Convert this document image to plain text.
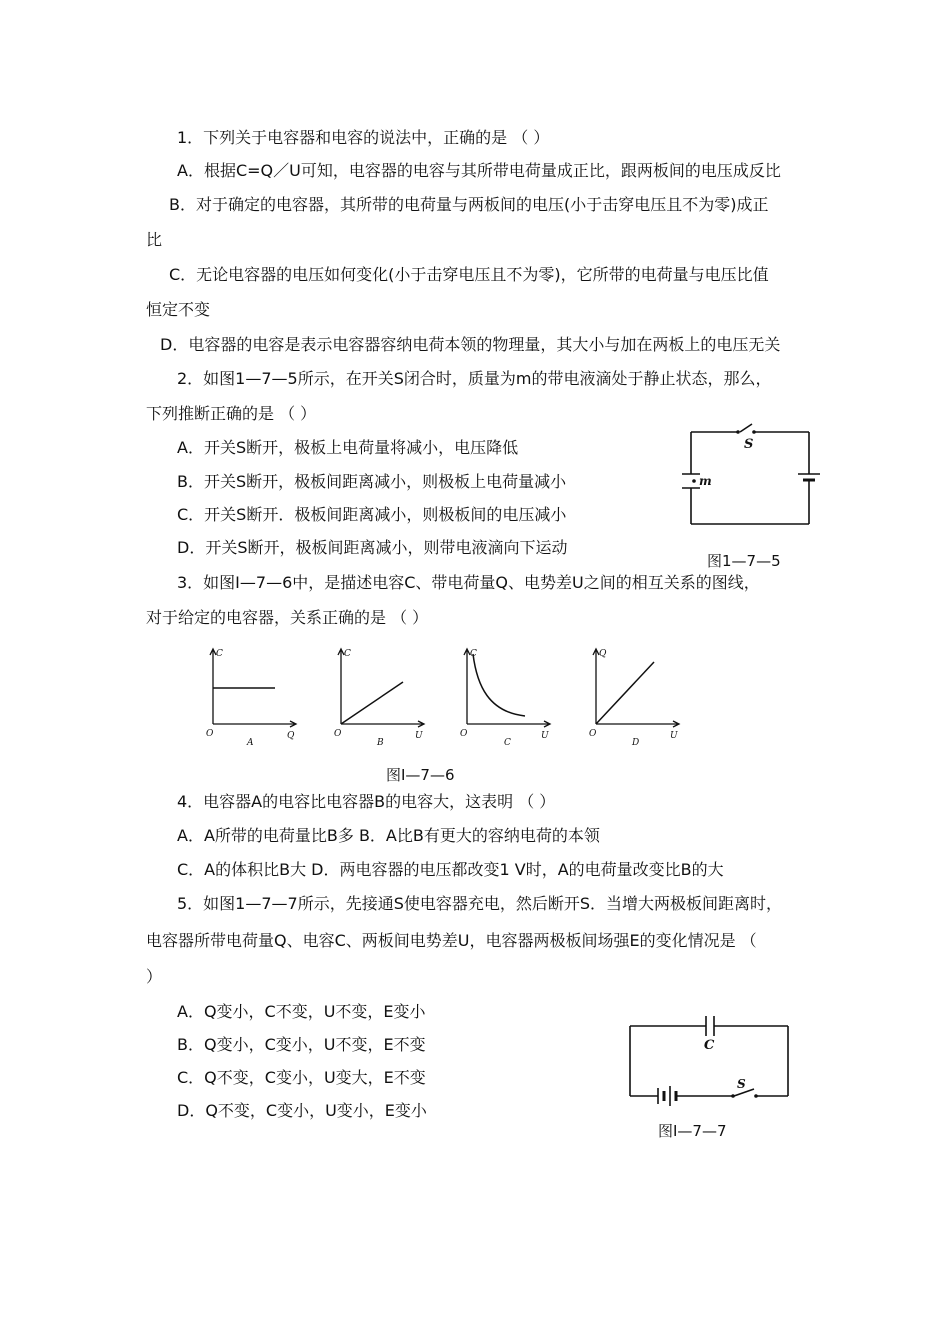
1．下列关于电容器和电容的说法中，正确的是 （ ）
A．根据C=Q／U可知，电容器的电容与其所带电荷量成正比，跟两板间的电压成反比
B．对于确定的电容器，其所带的电荷量与两板间的电压(小于击穿电压且不为零)成正
比
C．无论电容器的电压如何变化(小于击穿电压且不为零)，它所带的电荷量与电压比值
恒定不变
D．电容器的电容是表示电容器容纳电荷本领的物理量，其大小与加在两板上的电压无关
2．如图1—7—5所示，在开关S闭合时，质量为m的带电液滴处于静止状态，那么，
下列推断正确的是 （ ）
A．开关S断开，极板上电荷量将减小，电压降低
B．开关S断开，极板间距离减小，则极板上电荷量减小
C．开关S断开．极板间距离减小，则极板间的电压减小
D．开关S断开，极板间距离减小，则带电液滴向下运动
S
m
图1—7—5
3．如图Ⅰ—7—6中，是描述电容C、带电荷量Q、电势差U之间的相互关系的图线，
对于给定的电容器，关系正确的是 （ ）
C
Q
O
A
C
U
O
B
C
U
O
C
Q
U
O
D
图Ⅰ—7—6
4．电容器A的电容比电容器B的电容大，这表明 （ ）
A．A所带的电荷量比B多 B．A比B有更大的容纳电荷的本领
C．A的体积比B大 D．两电容器的电压都改变1 V时，A的电荷量改变比B的大
5．如图1—7—7所示，先接通S使电容器充电，然后断开S．当增大两极板间距离时，
电容器所带电荷量Q、电容C、两板间电势差U，电容器两极板间场强E的变化情况是 （
）
A．Q变小，C不变，U不变，E变小
B．Q变小，C变小，U不变，E不变
C．Q不变，C变小，U变大，E不变
D．Q不变，C变小，U变小，E变小
C
S
图Ⅰ—7—7
